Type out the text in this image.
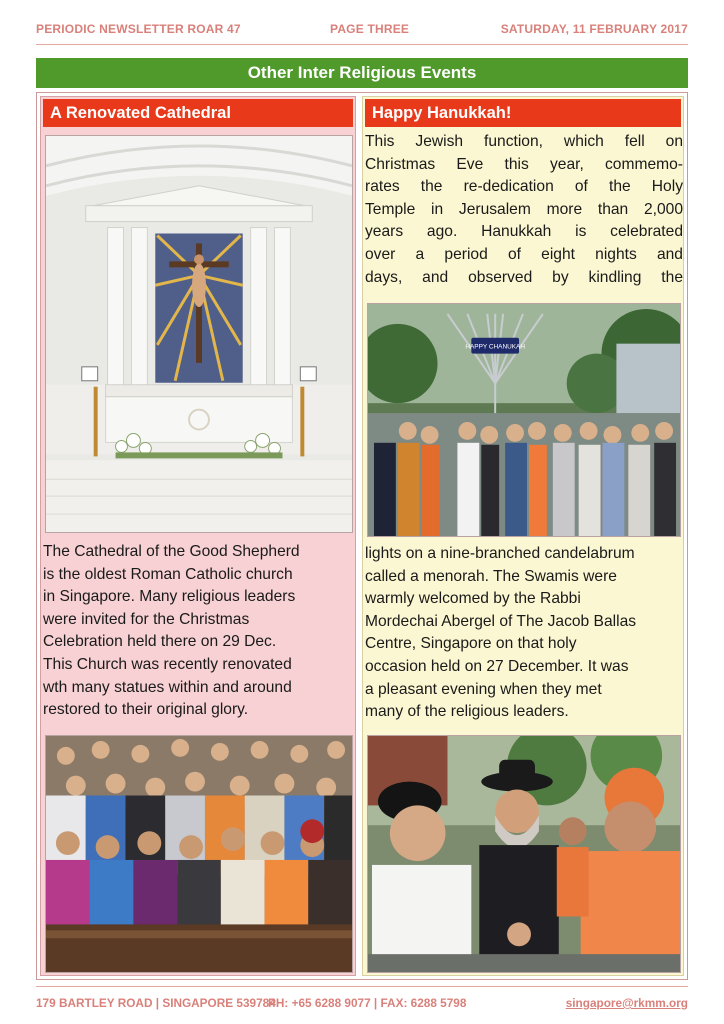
PERIODIC NEWSLETTER ROAR 47	PAGE THREE	SATURDAY, 11 FEBRUARY 2017
Other Inter Religious Events
A Renovated Cathedral
The Cathedral of the Good Shepherd
is the oldest Roman Catholic church
in Singapore. Many religious leaders
were invited for the Christmas
Celebration held there on 29 Dec.
This Church was recently renovated
wth many statues within and around
restored to their original glory.
Happy Hanukkah!
This Jewish function, which fell on
Christmas Eve this year, commemo-
rates the re-dedication of the Holy
Temple in Jerusalem more than 2,000
years ago. Hanukkah is celebrated
over a period of eight nights and
days, and observed by kindling the
HAPPY CHANUKAH
lights on a nine-branched candelabrum
called a menorah. The Swamis were
warmly welcomed by the Rabbi
Mordechai Abergel of The Jacob Ballas
Centre, Singapore on that holy
occasion held on 27 December. It was
a pleasant evening when they met
many of the religious leaders.
179 BARTLEY ROAD | SINGAPORE 539784
PH: +65 6288 9077 | FAX: 6288 5798	singapore@rkmm.org
